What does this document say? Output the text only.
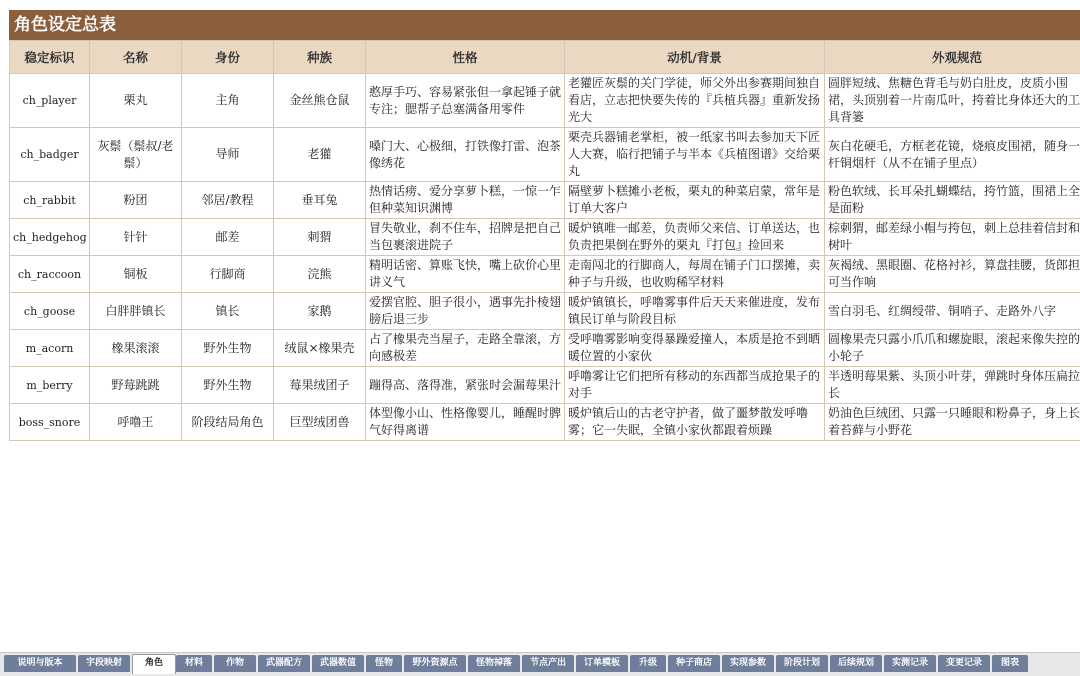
角色设定总表
稳定标识	名称	身份	种族	性格	动机/背景	外观规范
ch_player	栗丸	主角	金丝熊仓鼠	憨厚手巧、容易紧张但一拿起锤子就专注；腮帮子总塞满备用零件	老獾匠灰鬃的关门学徒，师父外出参赛期间独自看店，立志把快要失传的『兵植兵器』重新发扬光大	圆胖短绒、焦糖色背毛与奶白肚皮，皮质小围裙，头顶别着一片南瓜叶，挎着比身体还大的工具背篓
ch_badger	灰鬃（鬃叔/老鬃）	导师	老獾	嗓门大、心极细，打铁像打雷、泡茶像绣花	栗壳兵器铺老掌柜，被一纸家书叫去参加天下匠人大赛，临行把铺子与半本《兵植图谱》交给栗丸	灰白花硬毛，方框老花镜，烧痕皮围裙，随身一杆铜烟杆（从不在铺子里点）
ch_rabbit	粉团	邻居/教程	垂耳兔	热情话痨、爱分享萝卜糕，一惊一乍但种菜知识渊博	隔壁萝卜糕摊小老板，栗丸的种菜启蒙，常年是订单大客户	粉色软绒、长耳朵扎蝴蝶结，挎竹篮，围裙上全是面粉
ch_hedgehog	针针	邮差	刺猬	冒失敬业，刹不住车，招牌是把自己当包裹滚进院子	暖炉镇唯一邮差，负责师父来信、订单送达，也负责把果倒在野外的栗丸『打包』捡回来	棕刺猬，邮差绿小帽与挎包，刺上总挂着信封和树叶
ch_raccoon	铜板	行脚商	浣熊	精明话密、算账飞快，嘴上砍价心里讲义气	走南闯北的行脚商人，每周在铺子门口摆摊，卖种子与升级，也收购稀罕材料	灰褐绒、黑眼圈、花格衬衫，算盘挂腰，货郎担可当作响
ch_goose	白胖胖镇长	镇长	家鹅	爱摆官腔、胆子很小，遇事先扑棱翅膀后退三步	暖炉镇镇长，呼噜雾事件后天天来催进度，发布镇民订单与阶段目标	雪白羽毛、红绸绶带、铜哨子、走路外八字
m_acorn	橡果滚滚	野外生物	绒鼠×橡果壳	占了橡果壳当屋子，走路全靠滚，方向感极差	受呼噜雾影响变得暴躁爱撞人，本质是抢不到晒暖位置的小家伙	圆橡果壳只露小爪爪和螺旋眼，滚起来像失控的小轮子
m_berry	野莓跳跳	野外生物	莓果绒团子	蹦得高、落得准，紧张时会漏莓果汁	呼噜雾让它们把所有移动的东西都当成抢果子的对手	半透明莓果紫、头顶小叶芽，弹跳时身体压扁拉长
boss_snore	呼噜王	阶段结局角色	巨型绒团兽	体型像小山、性格像婴儿，睡醒时脾气好得离谱	暖炉镇后山的古老守护者，做了噩梦散发呼噜雾；它一失眠，全镇小家伙都跟着烦躁	奶油色巨绒团、只露一只睡眼和粉鼻子，身上长着苔藓与小野花
说明与版本	字段映射	角色	材料	作物	武器配方	武器数值	怪物	野外资源点	怪物掉落	节点产出	订单模板	升级	种子商店	实现参数	阶段计划	后续规划	实测记录	变更记录	图表
